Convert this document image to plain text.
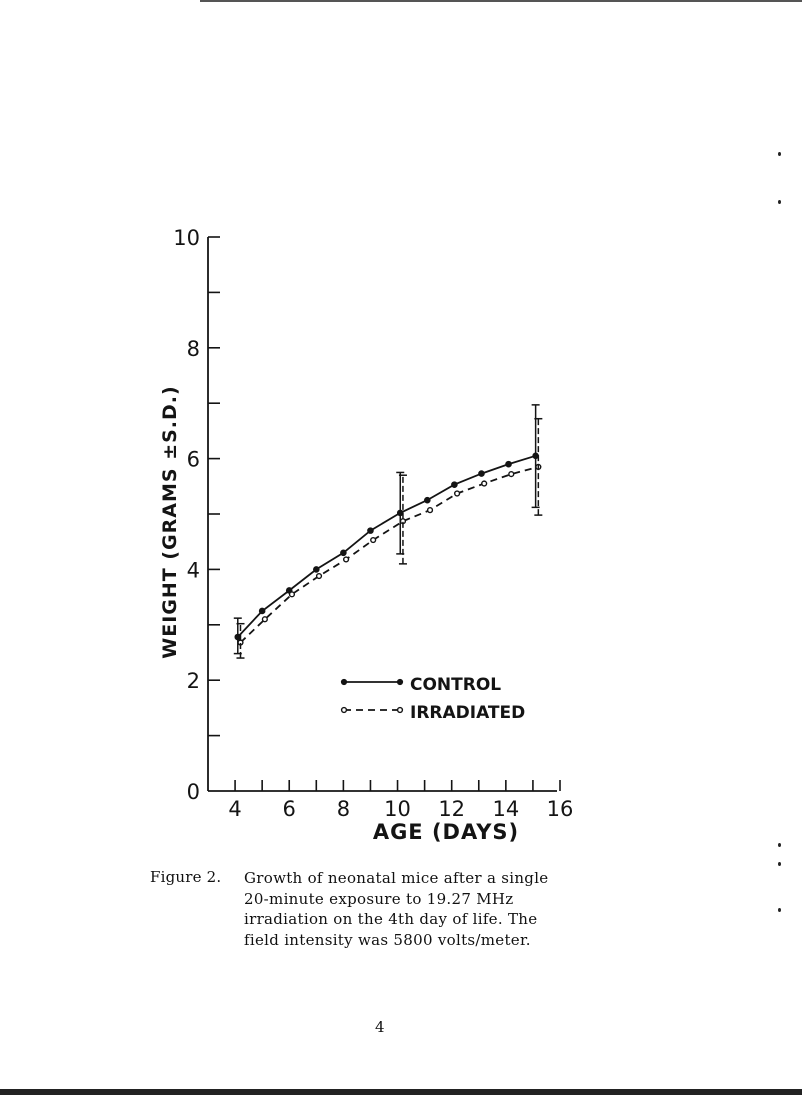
0
2
4
6
8
10
4 6 8 10 12 14 16
AGE (DAYS)
WEIGHT (GRAMS ±S.D.)
CONTROL
IRRADIATED
Figure 2. Growth of neonatal mice after a single
20-minute exposure to 19.27 MHz
irradiation on the 4th day of life. The
field intensity was 5800 volts/meter.
4
